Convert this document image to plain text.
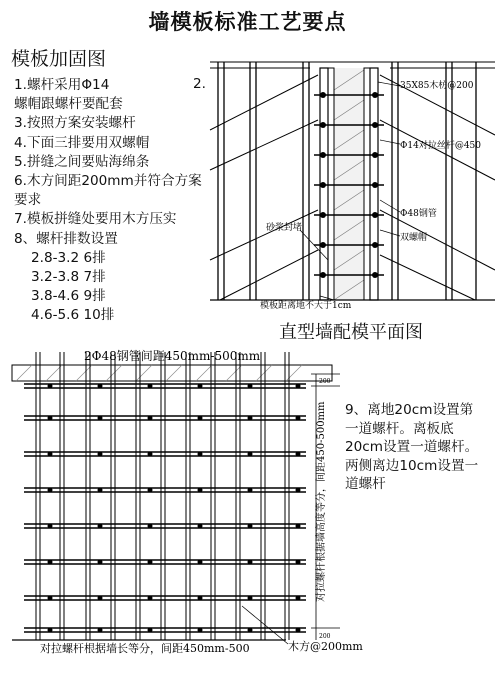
墙模板标准工艺要点
模板加固图
1.螺杆采用Φ14
螺帽跟螺杆要配套
3.按照方案安装螺杆
4.下面三排要用双螺帽
5.拼缝之间要贴海绵条
6.木方间距200mm并符合方案要求
7.模板拼缝处要用木方压实
8、螺杆排数设置
2.8-3.2 6排
3.2-3.8 7排
3.8-4.6 9排
4.6-5.6 10排
2.	35X85木枋@200
Φ14对拉丝杆@450
Φ48钢管
双螺帽
砂浆封堵
模板距离地不大于1cm
直型墙配模平面图
2Φ48钢管间距450mm-500mm
200
200
对拉螺杆根据墙高度等分，间距450-500mm
木方@200mm
对拉螺杆根据墙长等分，间距450mm-500
9、离地20cm设置第一道螺杆。离板底20cm设置一道螺杆。两侧离边10cm设置一道螺杆
